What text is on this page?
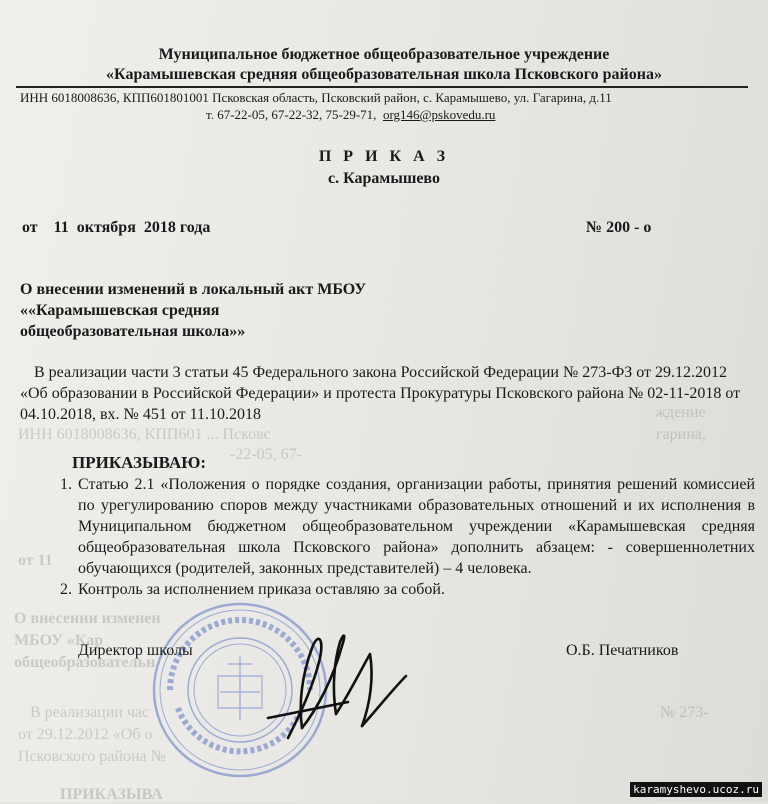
ИНН 6018008636, КПП601 ... Псковс	гарина,
ждение
-22-05, 67-
от 11
О внесении изменен
МБОУ «Кар
общеобразовательн
В реализации час
от 29.12.2012 «Об о
Псковского района №
№ 273-
ПРИКАЗЫВА
Муниципальное бюджетное общеобразовательное учреждение
«Карамышевская средняя общеобразовательная школа Псковского района»
ИНН 6018008636, КПП601801001 Псковская область, Псковский район, с. Карамышево, ул. Гагарина, д.11
т. 67-22-05, 67-22-32, 75-29-71, org146@pskovedu.ru
П Р И К А З
с. Карамышево
от    11  октября  2018 года	№ 200 - о
О внесении изменений в локальный акт МБОУ ««Карамышевская средняя общеобразовательная школа»»
В реализации части 3 статьи 45 Федерального закона Российской Федерации № 273-ФЗ от 29.12.2012 «Об образовании в Российской Федерации» и протеста Прокуратуры Псковского района № 02-11-2018 от 04.10.2018, вх. № 451 от 11.10.2018
ПРИКАЗЫВАЮ:
1. Статью 2.1 «Положения о порядке создания, организации работы, принятия решений комиссией по урегулированию споров между участниками образовательных отношений и их исполнения в Муниципальном бюджетном общеобразовательном учреждении «Карамышевская средняя общеобразовательная школа Псковского района» дополнить абзацем: - совершеннолетних обучающихся (родителей, законных представителей) – 4 человека.
2. Контроль за исполнением приказа оставляю за собой.
Директор школы	О.Б. Печатников
karamyshevo.ucoz.ru
